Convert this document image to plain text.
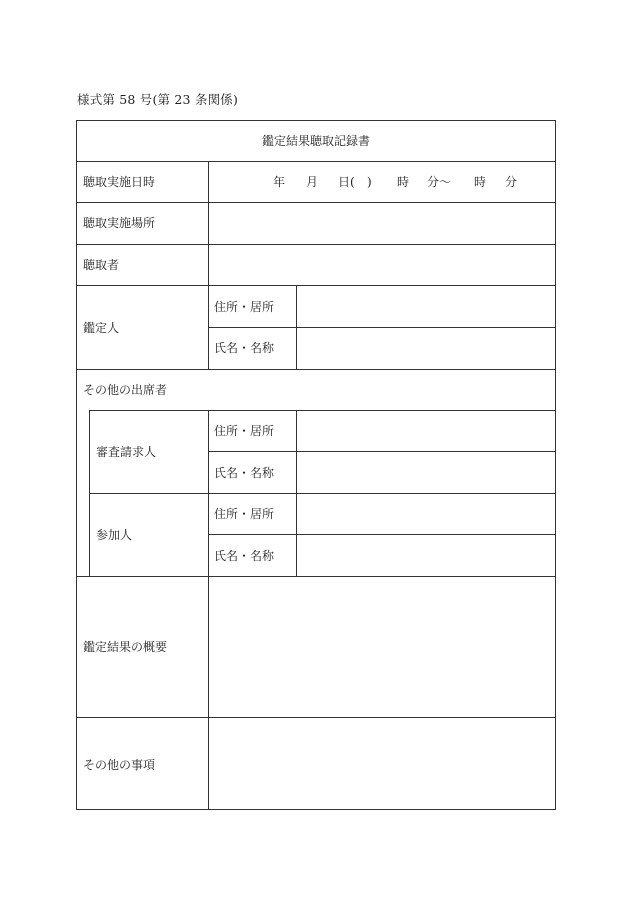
様式第 58 号(第 23 条関係)
鑑定結果聴取記録書
聴取実施日時	年 月 日( ) 時 分〜 時 分
聴取実施場所
聴取者
鑑定人
住所・居所
氏名・名称
その他の出席者
審査請求人
住所・居所
氏名・名称
参加人
住所・居所
氏名・名称
鑑定結果の概要
その他の事項
